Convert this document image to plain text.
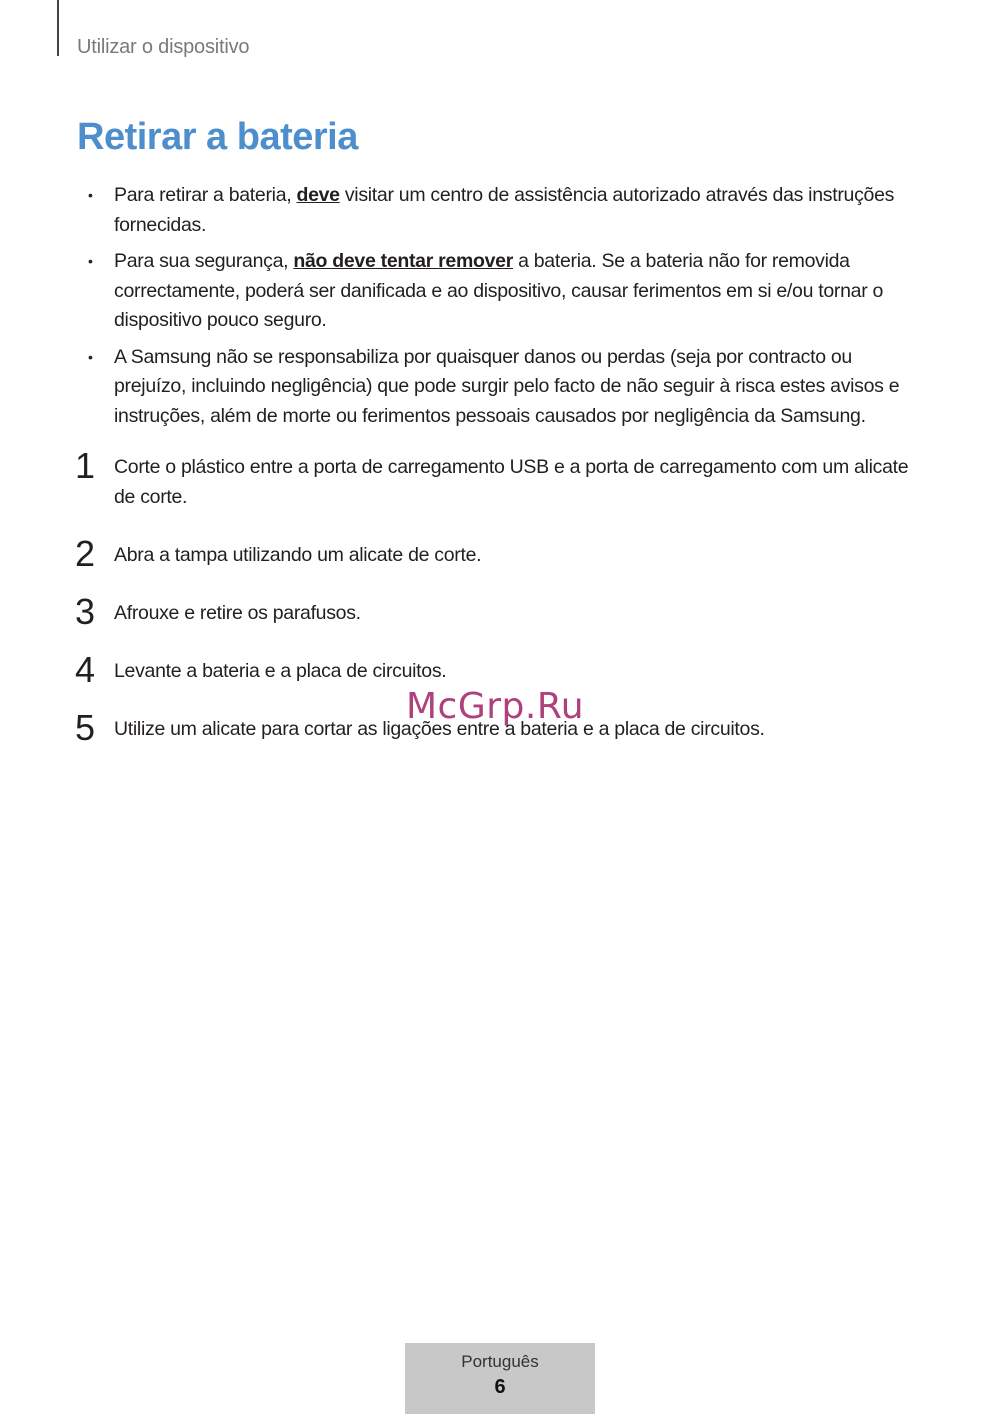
Utilizar o dispositivo
Retirar a bateria
• Para retirar a bateria, deve visitar um centro de assistência autorizado através das instruções fornecidas.
• Para sua segurança, não deve tentar remover a bateria. Se a bateria não for removida correctamente, poderá ser danificada e ao dispositivo, causar ferimentos em si e/ou tornar o dispositivo pouco seguro.
• A Samsung não se responsabiliza por quaisquer danos ou perdas (seja por contracto ou prejuízo, incluindo negligência) que pode surgir pelo facto de não seguir à risca estes avisos e instruções, além de morte ou ferimentos pessoais causados por negligência da Samsung.
1 Corte o plástico entre a porta de carregamento USB e a porta de carregamento com um alicate de corte.
2 Abra a tampa utilizando um alicate de corte.
3 Afrouxe e retire os parafusos.
4 Levante a bateria e a placa de circuitos.
5 Utilize um alicate para cortar as ligações entre a bateria e a placa de circuitos.
McGrp.Ru
Português
6
